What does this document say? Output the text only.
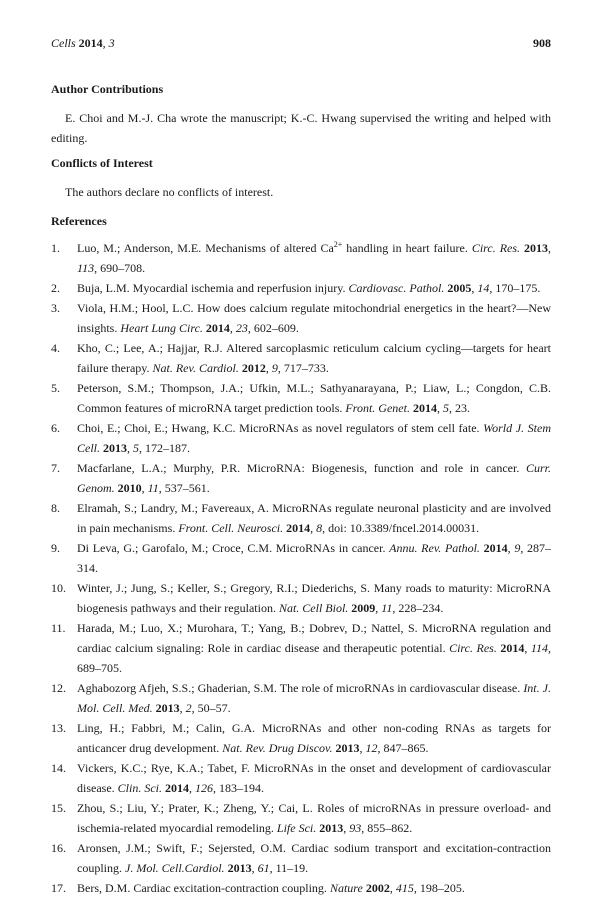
Cells 2014, 3	908
Author Contributions
E. Choi and M.-J. Cha wrote the manuscript; K.-C. Hwang supervised the writing and helped with editing.
Conflicts of Interest
The authors declare no conflicts of interest.
References
1. Luo, M.; Anderson, M.E. Mechanisms of altered $Ca^{2+}$ handling in heart failure. Circ. Res. 2013, 113, 690–708.
2. Buja, L.M. Myocardial ischemia and reperfusion injury. Cardiovasc. Pathol. 2005, 14, 170–175.
3. Viola, H.M.; Hool, L.C. How does calcium regulate mitochondrial energetics in the heart?—New insights. Heart Lung Circ. 2014, 23, 602–609.
4. Kho, C.; Lee, A.; Hajjar, R.J. Altered sarcoplasmic reticulum calcium cycling—targets for heart failure therapy. Nat. Rev. Cardiol. 2012, 9, 717–733.
5. Peterson, S.M.; Thompson, J.A.; Ufkin, M.L.; Sathyanarayana, P.; Liaw, L.; Congdon, C.B. Common features of microRNA target prediction tools. Front. Genet. 2014, 5, 23.
6. Choi, E.; Choi, E.; Hwang, K.C. MicroRNAs as novel regulators of stem cell fate. World J. Stem Cell. 2013, 5, 172–187.
7. Macfarlane, L.A.; Murphy, P.R. MicroRNA: Biogenesis, function and role in cancer. Curr. Genom. 2010, 11, 537–561.
8. Elramah, S.; Landry, M.; Favereaux, A. MicroRNAs regulate neuronal plasticity and are involved in pain mechanisms. Front. Cell. Neurosci. 2014, 8, doi: 10.3389/fncel.2014.00031.
9. Di Leva, G.; Garofalo, M.; Croce, C.M. MicroRNAs in cancer. Annu. Rev. Pathol. 2014, 9, 287–314.
10. Winter, J.; Jung, S.; Keller, S.; Gregory, R.I.; Diederichs, S. Many roads to maturity: MicroRNA biogenesis pathways and their regulation. Nat. Cell Biol. 2009, 11, 228–234.
11. Harada, M.; Luo, X.; Murohara, T.; Yang, B.; Dobrev, D.; Nattel, S. MicroRNA regulation and cardiac calcium signaling: Role in cardiac disease and therapeutic potential. Circ. Res. 2014, 114, 689–705.
12. Aghabozorg Afjeh, S.S.; Ghaderian, S.M. The role of microRNAs in cardiovascular disease. Int. J. Mol. Cell. Med. 2013, 2, 50–57.
13. Ling, H.; Fabbri, M.; Calin, G.A. MicroRNAs and other non-coding RNAs as targets for anticancer drug development. Nat. Rev. Drug Discov. 2013, 12, 847–865.
14. Vickers, K.C.; Rye, K.A.; Tabet, F. MicroRNAs in the onset and development of cardiovascular disease. Clin. Sci. 2014, 126, 183–194.
15. Zhou, S.; Liu, Y.; Prater, K.; Zheng, Y.; Cai, L. Roles of microRNAs in pressure overload- and ischemia-related myocardial remodeling. Life Sci. 2013, 93, 855–862.
16. Aronsen, J.M.; Swift, F.; Sejersted, O.M. Cardiac sodium transport and excitation-contraction coupling. J. Mol. Cell.Cardiol. 2013, 61, 11–19.
17. Bers, D.M. Cardiac excitation-contraction coupling. Nature 2002, 415, 198–205.
